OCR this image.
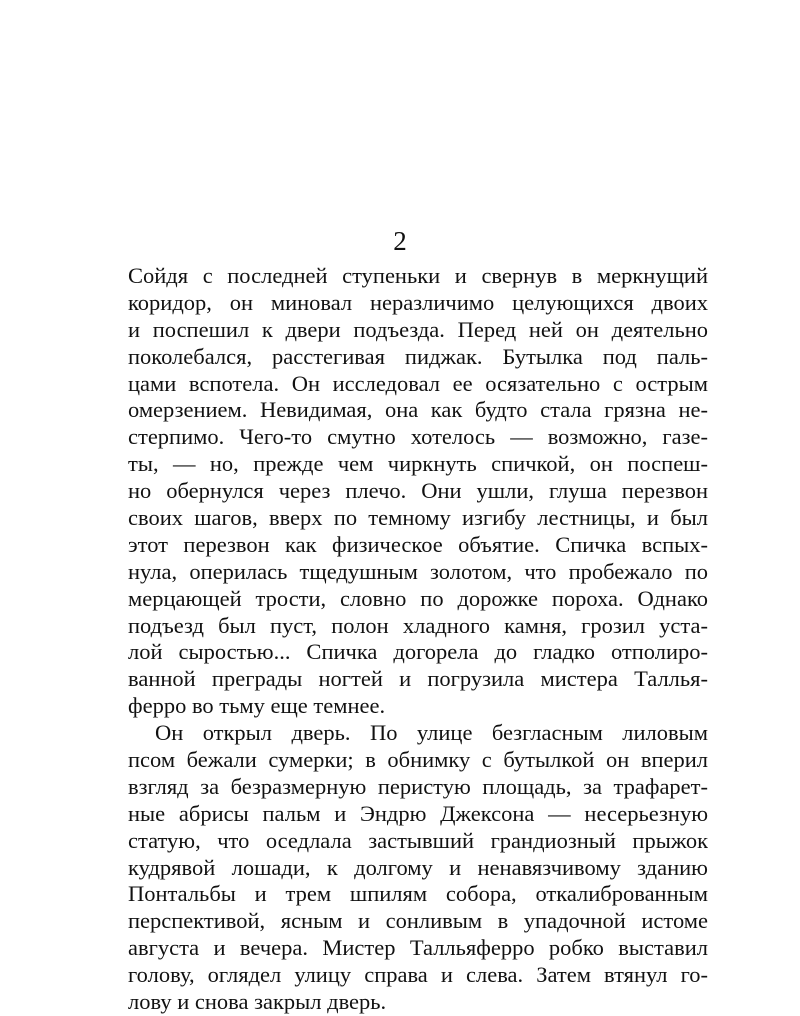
2
Сойдя с последней ступеньки и свернув в меркнущий
коридор, он миновал неразличимо целующихся двоих
и поспешил к двери подъезда. Перед ней он деятельно
поколебался, расстегивая пиджак. Бутылка под паль-
цами вспотела. Он исследовал ее осязательно с острым
омерзением. Невидимая, она как будто стала грязна не-
стерпимо. Чего-то смутно хотелось — возможно, газе-
ты, — но, прежде чем чиркнуть спичкой, он поспеш-
но обернулся через плечо. Они ушли, глуша перезвон
своих шагов, вверх по темному изгибу лестницы, и был
этот перезвон как физическое объятие. Спичка вспых-
нула, оперилась тщедушным золотом, что пробежало по
мерцающей трости, словно по дорожке пороха. Однако
подъезд был пуст, полон хладного камня, грозил уста-
лой сыростью... Спичка догорела до гладко отполиро-
ванной преграды ногтей и погрузила мистера Таллья-
ферро во тьму еще темнее.
Он открыл дверь. По улице безгласным лиловым
псом бежали сумерки; в обнимку с бутылкой он вперил
взгляд за безразмерную перистую площадь, за трафарет-
ные абрисы пальм и Эндрю Джексона — несерьезную
статую, что оседлала застывший грандиозный прыжок
кудрявой лошади, к долгому и ненавязчивому зданию
Понтальбы и трем шпилям собора, откалиброванным
перспективой, ясным и сонливым в упадочной истоме
августа и вечера. Мистер Талльяферро робко выставил
голову, оглядел улицу справа и слева. Затем втянул го-
лову и снова закрыл дверь.
